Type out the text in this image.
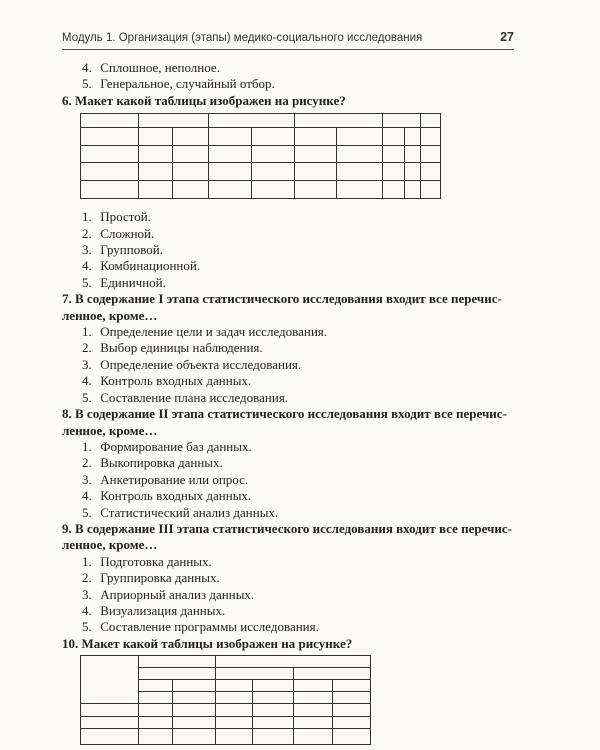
Модуль 1. Организация (этапы) медико-социального исследования	27
4. Сплошное, неполное.
5. Генеральное, случайный отбор.
6. Макет какой таблицы изображен на рисунке?
1. Простой.
2. Сложной.
3. Групповой.
4. Комбинационной.
5. Единичной.
7. В содержание I этапа статистического исследования входит все перечис-
ленное, кроме…
1. Определение цели и задач исследования.
2. Выбор единицы наблюдения.
3. Определение объекта исследования.
4. Контроль входных данных.
5. Составление плана исследования.
8. В содержание II этапа статистического исследования входит все перечис-
ленное, кроме…
1. Формирование баз данных.
2. Выкопировка данных.
3. Анкетирование или опрос.
4. Контроль входных данных.
5. Статистический анализ данных.
9. В содержание III этапа статистического исследования входит все перечис-
ленное, кроме…
1. Подготовка данных.
2. Группировка данных.
3. Априорный анализ данных.
4. Визуализация данных.
5. Составление программы исследования.
10. Макет какой таблицы изображен на рисунке?
